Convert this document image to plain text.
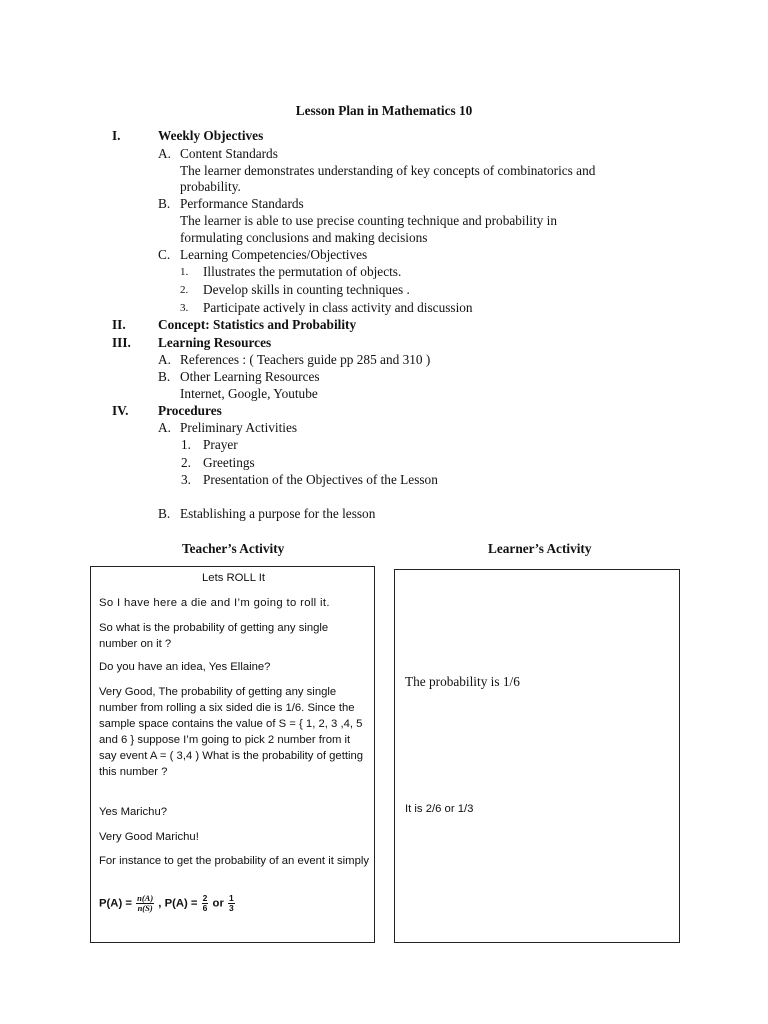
Lesson Plan in Mathematics 10
I.	Weekly Objectives
A. Content Standards
The learner demonstrates understanding of key concepts of combinatorics and
probability.
B. Performance Standards
The learner is able to use precise counting technique and probability in
formulating conclusions and making decisions
C. Learning Competencies/Objectives
1. Illustrates the permutation of objects.
2. Develop skills in counting techniques .
3. Participate actively in class activity and discussion
II. Concept: Statistics and Probability
III. Learning Resources
A. References : ( Teachers guide pp 285 and 310 )
B. Other Learning Resources
Internet, Google, Youtube
IV. Procedures
A. Preliminary Activities
1. Prayer
2. Greetings
3. Presentation of the Objectives of the Lesson
B. Establishing a purpose for the lesson
Teacher’s Activity	Learner’s Activity
Lets ROLL It
So I have here a die and I’m going to roll it.
So what is the probability of getting any single number on it ?
Do you have an idea, Yes Ellaine?
Very Good, The probability of getting any single number from rolling a six sided die is 1/6. Since the sample space contains the value of S = { 1, 2, 3 ,4, 5 and 6 } suppose I’m going to pick 2 number from it say event A = ( 3,4 ) What is the probability of getting this number ?
Yes Marichu?
Very Good Marichu!
For instance to get the probability of an event it simply
$P(A) = \frac{n(A)}{n(S)}$ , $P(A) = \frac{2}{6}$ or $\frac{1}{3}$
The probability is 1/6
It is 2/6 or 1/3
